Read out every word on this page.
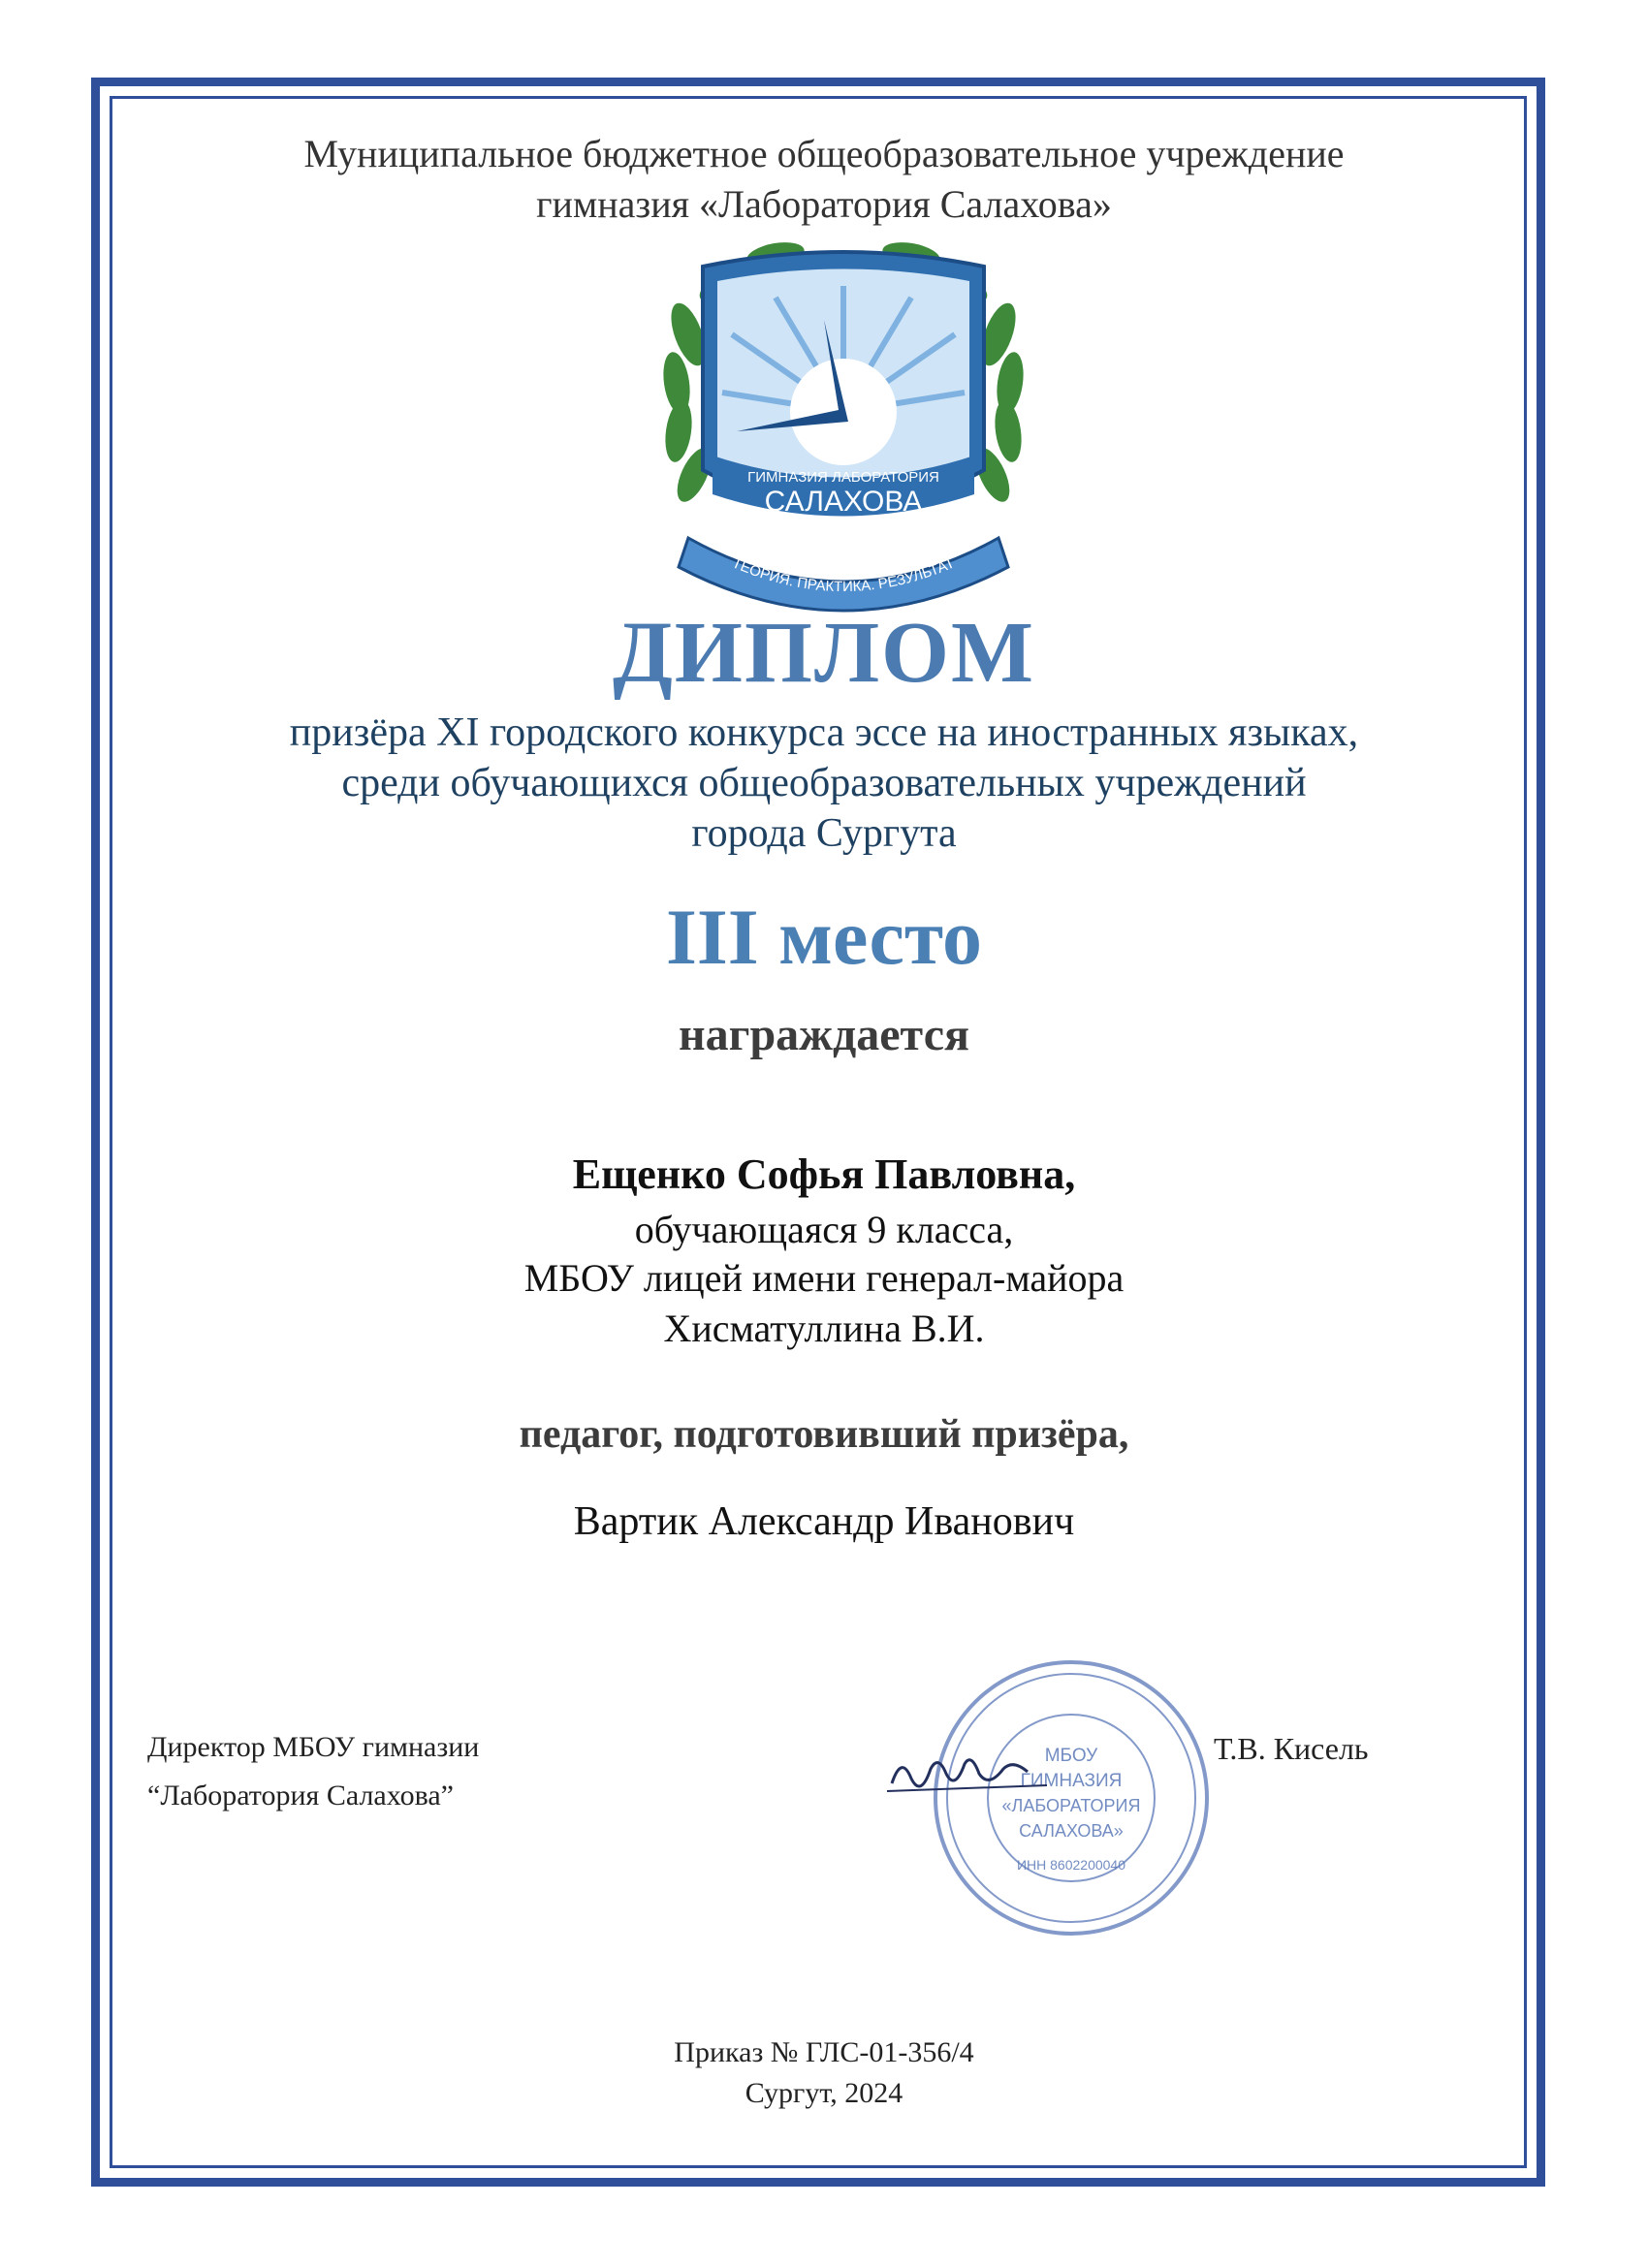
Муниципальное бюджетное общеобразовательное учреждение
гимназия «Лаборатория Салахова»
ГИМНАЗИЯ ЛАБОРАТОРИЯ
САЛАХОВА
ТЕОРИЯ. ПРАКТИКА. РЕЗУЛЬТАТ
ДИПЛОМ
призёра XI городского конкурса эссе на иностранных языках,
среди обучающихся общеобразовательных учреждений
города Сургута
III место
награждается
Ещенко Софья Павловна,
обучающаяся 9 класса,
МБОУ лицей имени генерал-майора
Хисматуллина В.И.
педагог, подготовивший призёра,
Вартик Александр Иванович
Директор МБОУ гимназии
“Лаборатория Салахова”
МБОУ
ГИМНАЗИЯ
«ЛАБОРАТОРИЯ
САЛАХОВА»
ИНН 8602200040
Т.В. Кисель
Приказ № ГЛС-01-356/4
Сургут, 2024
